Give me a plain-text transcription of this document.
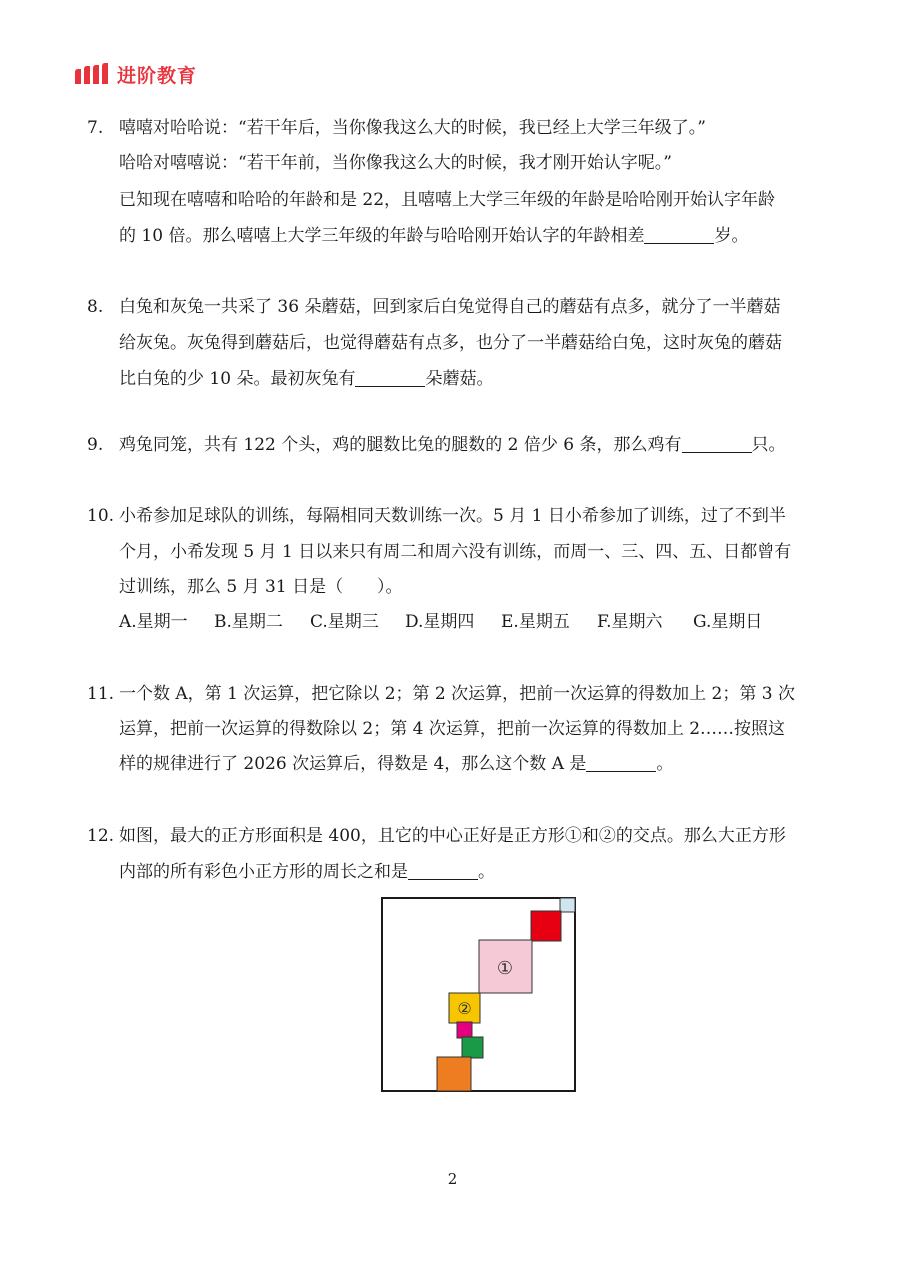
进阶教育
7. 嘻嘻对哈哈说：“若干年后，当你像我这么大的时候，我已经上大学三年级了。”
哈哈对嘻嘻说：“若干年前，当你像我这么大的时候，我才刚开始认字呢。”
已知现在嘻嘻和哈哈的年龄和是 22，且嘻嘻上大学三年级的年龄是哈哈刚开始认字年龄
的 10 倍。那么嘻嘻上大学三年级的年龄与哈哈刚开始认字的年龄相差	岁。
8. 白兔和灰兔一共采了 36 朵蘑菇，回到家后白兔觉得自己的蘑菇有点多，就分了一半蘑菇
给灰兔。灰兔得到蘑菇后，也觉得蘑菇有点多，也分了一半蘑菇给白兔，这时灰兔的蘑菇
比白兔的少 10 朵。最初灰兔有	朵蘑菇。
9. 鸡兔同笼，共有 122 个头，鸡的腿数比兔的腿数的 2 倍少 6 条，那么鸡有	只。
10. 小希参加足球队的训练，每隔相同天数训练一次。5 月 1 日小希参加了训练，过了不到半
个月，小希发现 5 月 1 日以来只有周二和周六没有训练，而周一、三、四、五、日都曾有
过训练，那么 5 月 31 日是（　　）。
A.星期一 B.星期二 C.星期三 D.星期四 E.星期五 F.星期六 G.星期日
11. 一个数 A，第 1 次运算，把它除以 2；第 2 次运算，把前一次运算的得数加上 2；第 3 次
运算，把前一次运算的得数除以 2；第 4 次运算，把前一次运算的得数加上 2……按照这
样的规律进行了 2026 次运算后，得数是 4，那么这个数 A 是	。
12. 如图，最大的正方形面积是 400，且它的中心正好是正方形①和②的交点。那么大正方形
内部的所有彩色小正方形的周长之和是	。
①
②
2
